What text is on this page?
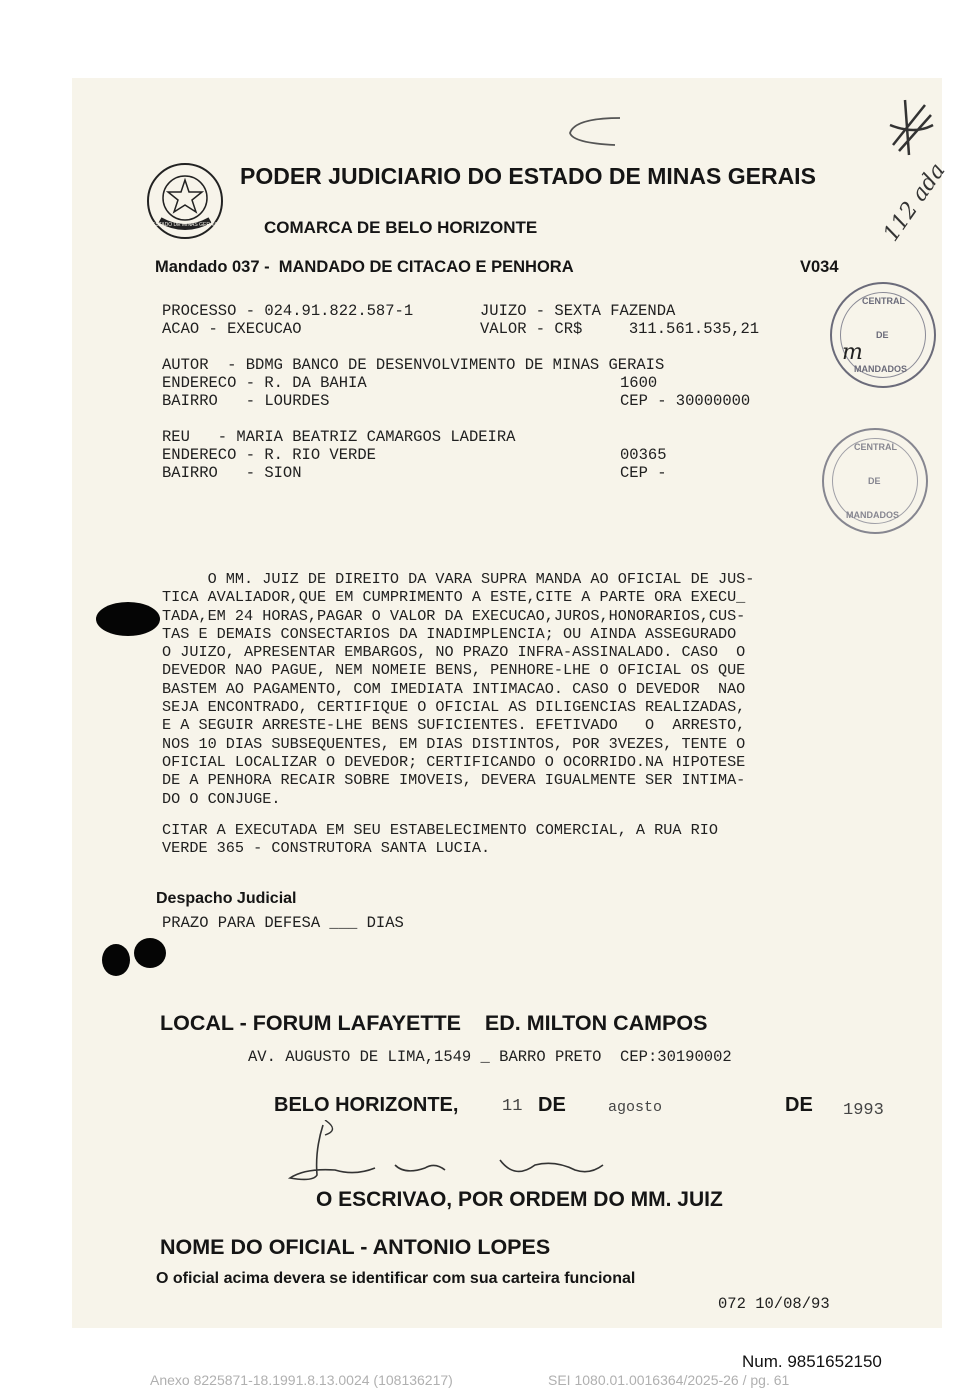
ESTADO DE MINAS GERAIS
PODER JUDICIARIO DO ESTADO DE MINAS GERAIS
COMARCA DE BELO HORIZONTE
Mandado 037 -  MANDADO DE CITACAO E PENHORA	V034
112 ada
PROCESSO - 024.91.822.587-1	JUIZO - SEXTA FAZENDA
ACAO - EXECUCAO	VALOR - CR$     311.561.535,21
AUTOR  - BDMG BANCO DE DESENVOLVIMENTO DE MINAS GERAIS
ENDERECO - R. DA BAHIA	1600
BAIRRO   - LOURDES	CEP - 30000000
REU   - MARIA BEATRIZ CAMARGOS LADEIRA
ENDERECO - R. RIO VERDE	00365
BAIRRO   - SION	CEP -
CENTRAL
DE
MANDADOS
m
CENTRAL
DE
MANDADOS
O MM. JUIZ DE DIREITO DA VARA SUPRA MANDA AO OFICIAL DE JUS-
TICA AVALIADOR,QUE EM CUMPRIMENTO A ESTE,CITE A PARTE ORA EXECU_
TADA,EM 24 HORAS,PAGAR O VALOR DA EXECUCAO,JUROS,HONORARIOS,CUS-
TAS E DEMAIS CONSECTARIOS DA INADIMPLENCIA; OU AINDA ASSEGURADO
O JUIZO, APRESENTAR EMBARGOS, NO PRAZO INFRA-ASSINALADO. CASO  O
DEVEDOR NAO PAGUE, NEM NOMEIE BENS, PENHORE-LHE O OFICIAL OS QUE
BASTEM AO PAGAMENTO, COM IMEDIATA INTIMACAO. CASO O DEVEDOR  NAO
SEJA ENCONTRADO, CERTIFIQUE O OFICIAL AS DILIGENCIAS REALIZADAS,
E A SEGUIR ARRESTE-LHE BENS SUFICIENTES. EFETIVADO   O  ARRESTO,
NOS 10 DIAS SUBSEQUENTES, EM DIAS DISTINTOS, POR 3VEZES, TENTE O
OFICIAL LOCALIZAR O DEVEDOR; CERTIFICANDO O OCORRIDO.NA HIPOTESE
DE A PENHORA RECAIR SOBRE IMOVEIS, DEVERA IGUALMENTE SER INTIMA-
DO O CONJUGE.
CITAR A EXECUTADA EM SEU ESTABELECIMENTO COMERCIAL, A RUA RIO
VERDE 365 - CONSTRUTORA SANTA LUCIA.
Despacho Judicial
PRAZO PARA DEFESA ___ DIAS
LOCAL - FORUM LAFAYETTE    ED. MILTON CAMPOS
AV. AUGUSTO DE LIMA,1549 _ BARRO PRETO  CEP:30190002
BELO HORIZONTE,	11 DE	agosto	DE 1993
O ESCRIVAO, POR ORDEM DO MM. JUIZ
NOME DO OFICIAL - ANTONIO LOPES
O oficial acima devera se identificar com sua carteira funcional
072 10/08/93
Num. 9851652150
Anexo 8225871-18.1991.8.13.0024 (108136217)	SEI 1080.01.0016364/2025-26 / pg. 61
